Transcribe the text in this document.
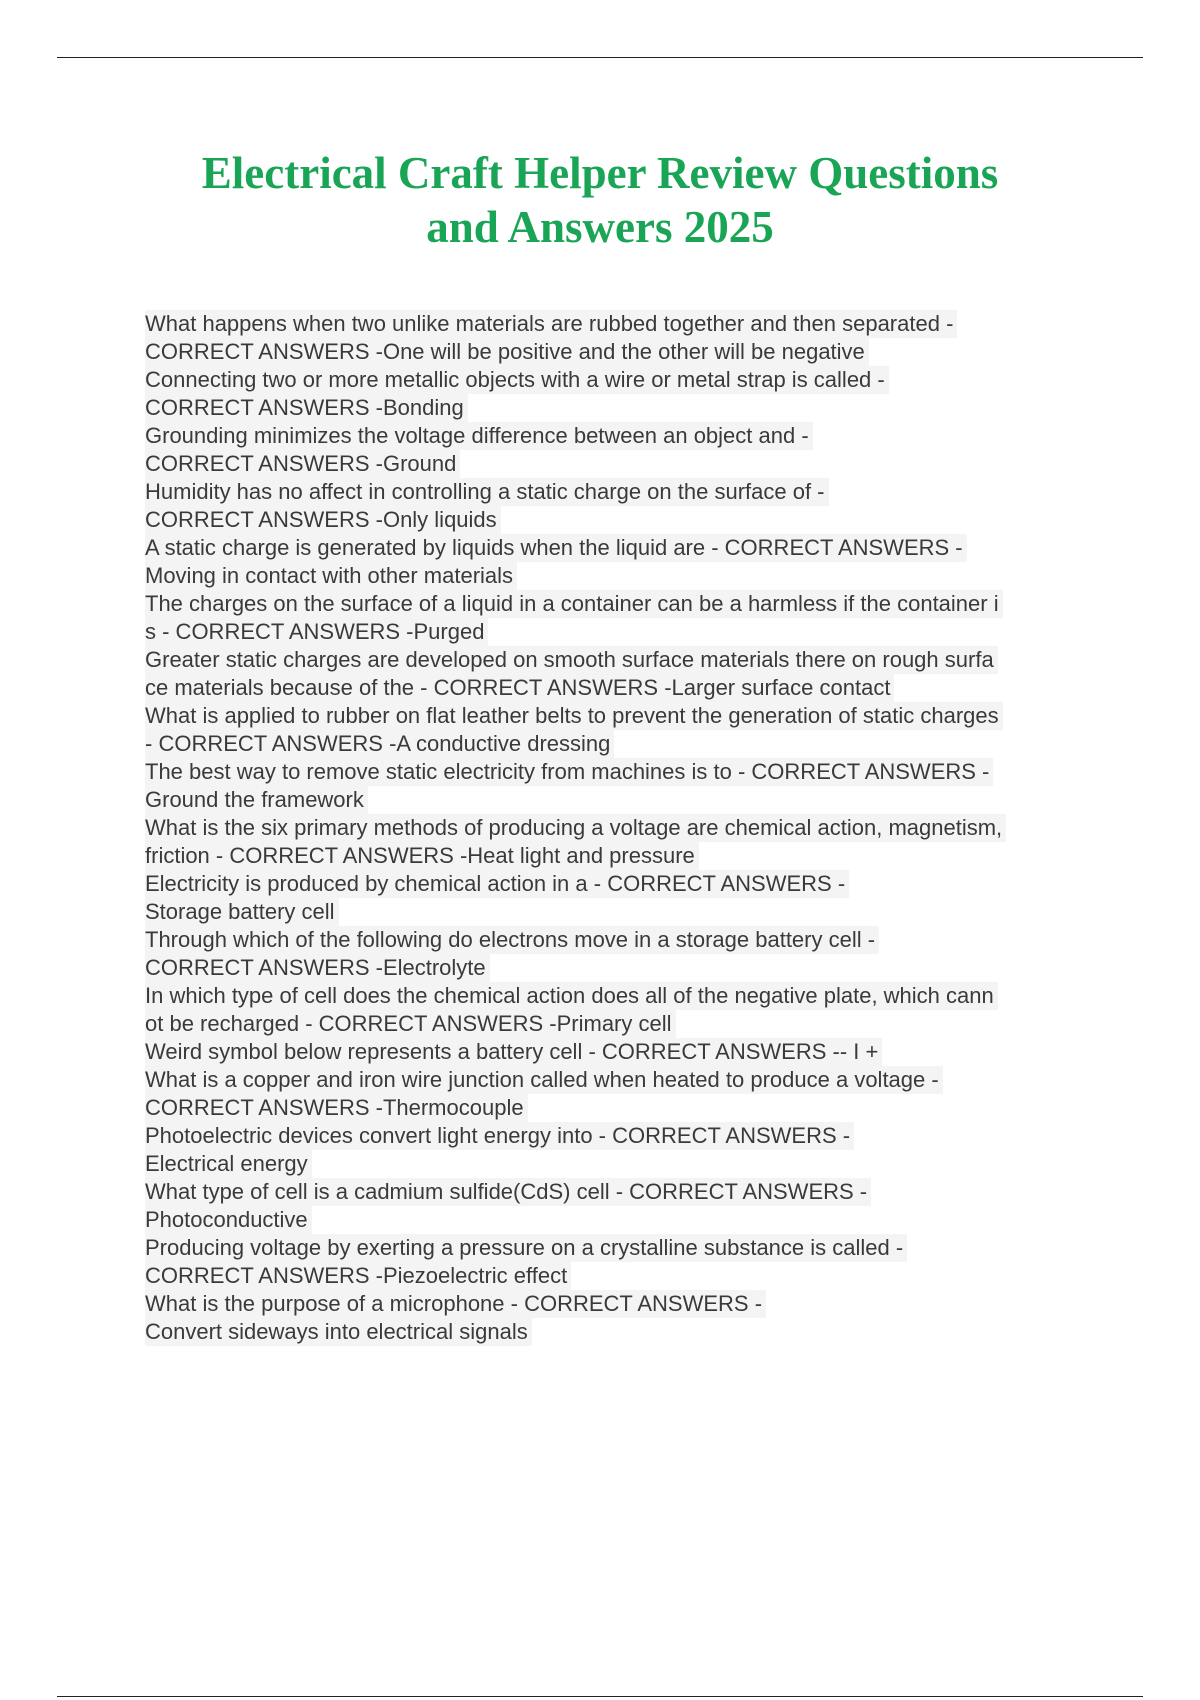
Electrical Craft Helper Review Questions
and Answers 2025
What happens when two unlike materials are rubbed together and then separated -
CORRECT ANSWERS -One will be positive and the other will be negative
Connecting two or more metallic objects with a wire or metal strap is called -
CORRECT ANSWERS -Bonding
Grounding minimizes the voltage difference between an object and -
CORRECT ANSWERS -Ground
Humidity has no affect in controlling a static charge on the surface of -
CORRECT ANSWERS -Only liquids
A static charge is generated by liquids when the liquid are - CORRECT ANSWERS -
Moving in contact with other materials
The charges on the surface of a liquid in a container can be a harmless if the container i
s - CORRECT ANSWERS -Purged
Greater static charges are developed on smooth surface materials there on rough surfa
ce materials because of the - CORRECT ANSWERS -Larger surface contact
What is applied to rubber on flat leather belts to prevent the generation of static charges
- CORRECT ANSWERS -A conductive dressing
The best way to remove static electricity from machines is to - CORRECT ANSWERS -
Ground the framework
What is the six primary methods of producing a voltage are chemical action, magnetism,
friction - CORRECT ANSWERS -Heat light and pressure
Electricity is produced by chemical action in a - CORRECT ANSWERS -
Storage battery cell
Through which of the following do electrons move in a storage battery cell -
CORRECT ANSWERS -Electrolyte
In which type of cell does the chemical action does all of the negative plate, which cann
ot be recharged - CORRECT ANSWERS -Primary cell
Weird symbol below represents a battery cell - CORRECT ANSWERS -- I +
What is a copper and iron wire junction called when heated to produce a voltage -
CORRECT ANSWERS -Thermocouple
Photoelectric devices convert light energy into - CORRECT ANSWERS -
Electrical energy
What type of cell is a cadmium sulfide(CdS) cell - CORRECT ANSWERS -
Photoconductive
Producing voltage by exerting a pressure on a crystalline substance is called -
CORRECT ANSWERS -Piezoelectric effect
What is the purpose of a microphone - CORRECT ANSWERS -
Convert sideways into electrical signals
